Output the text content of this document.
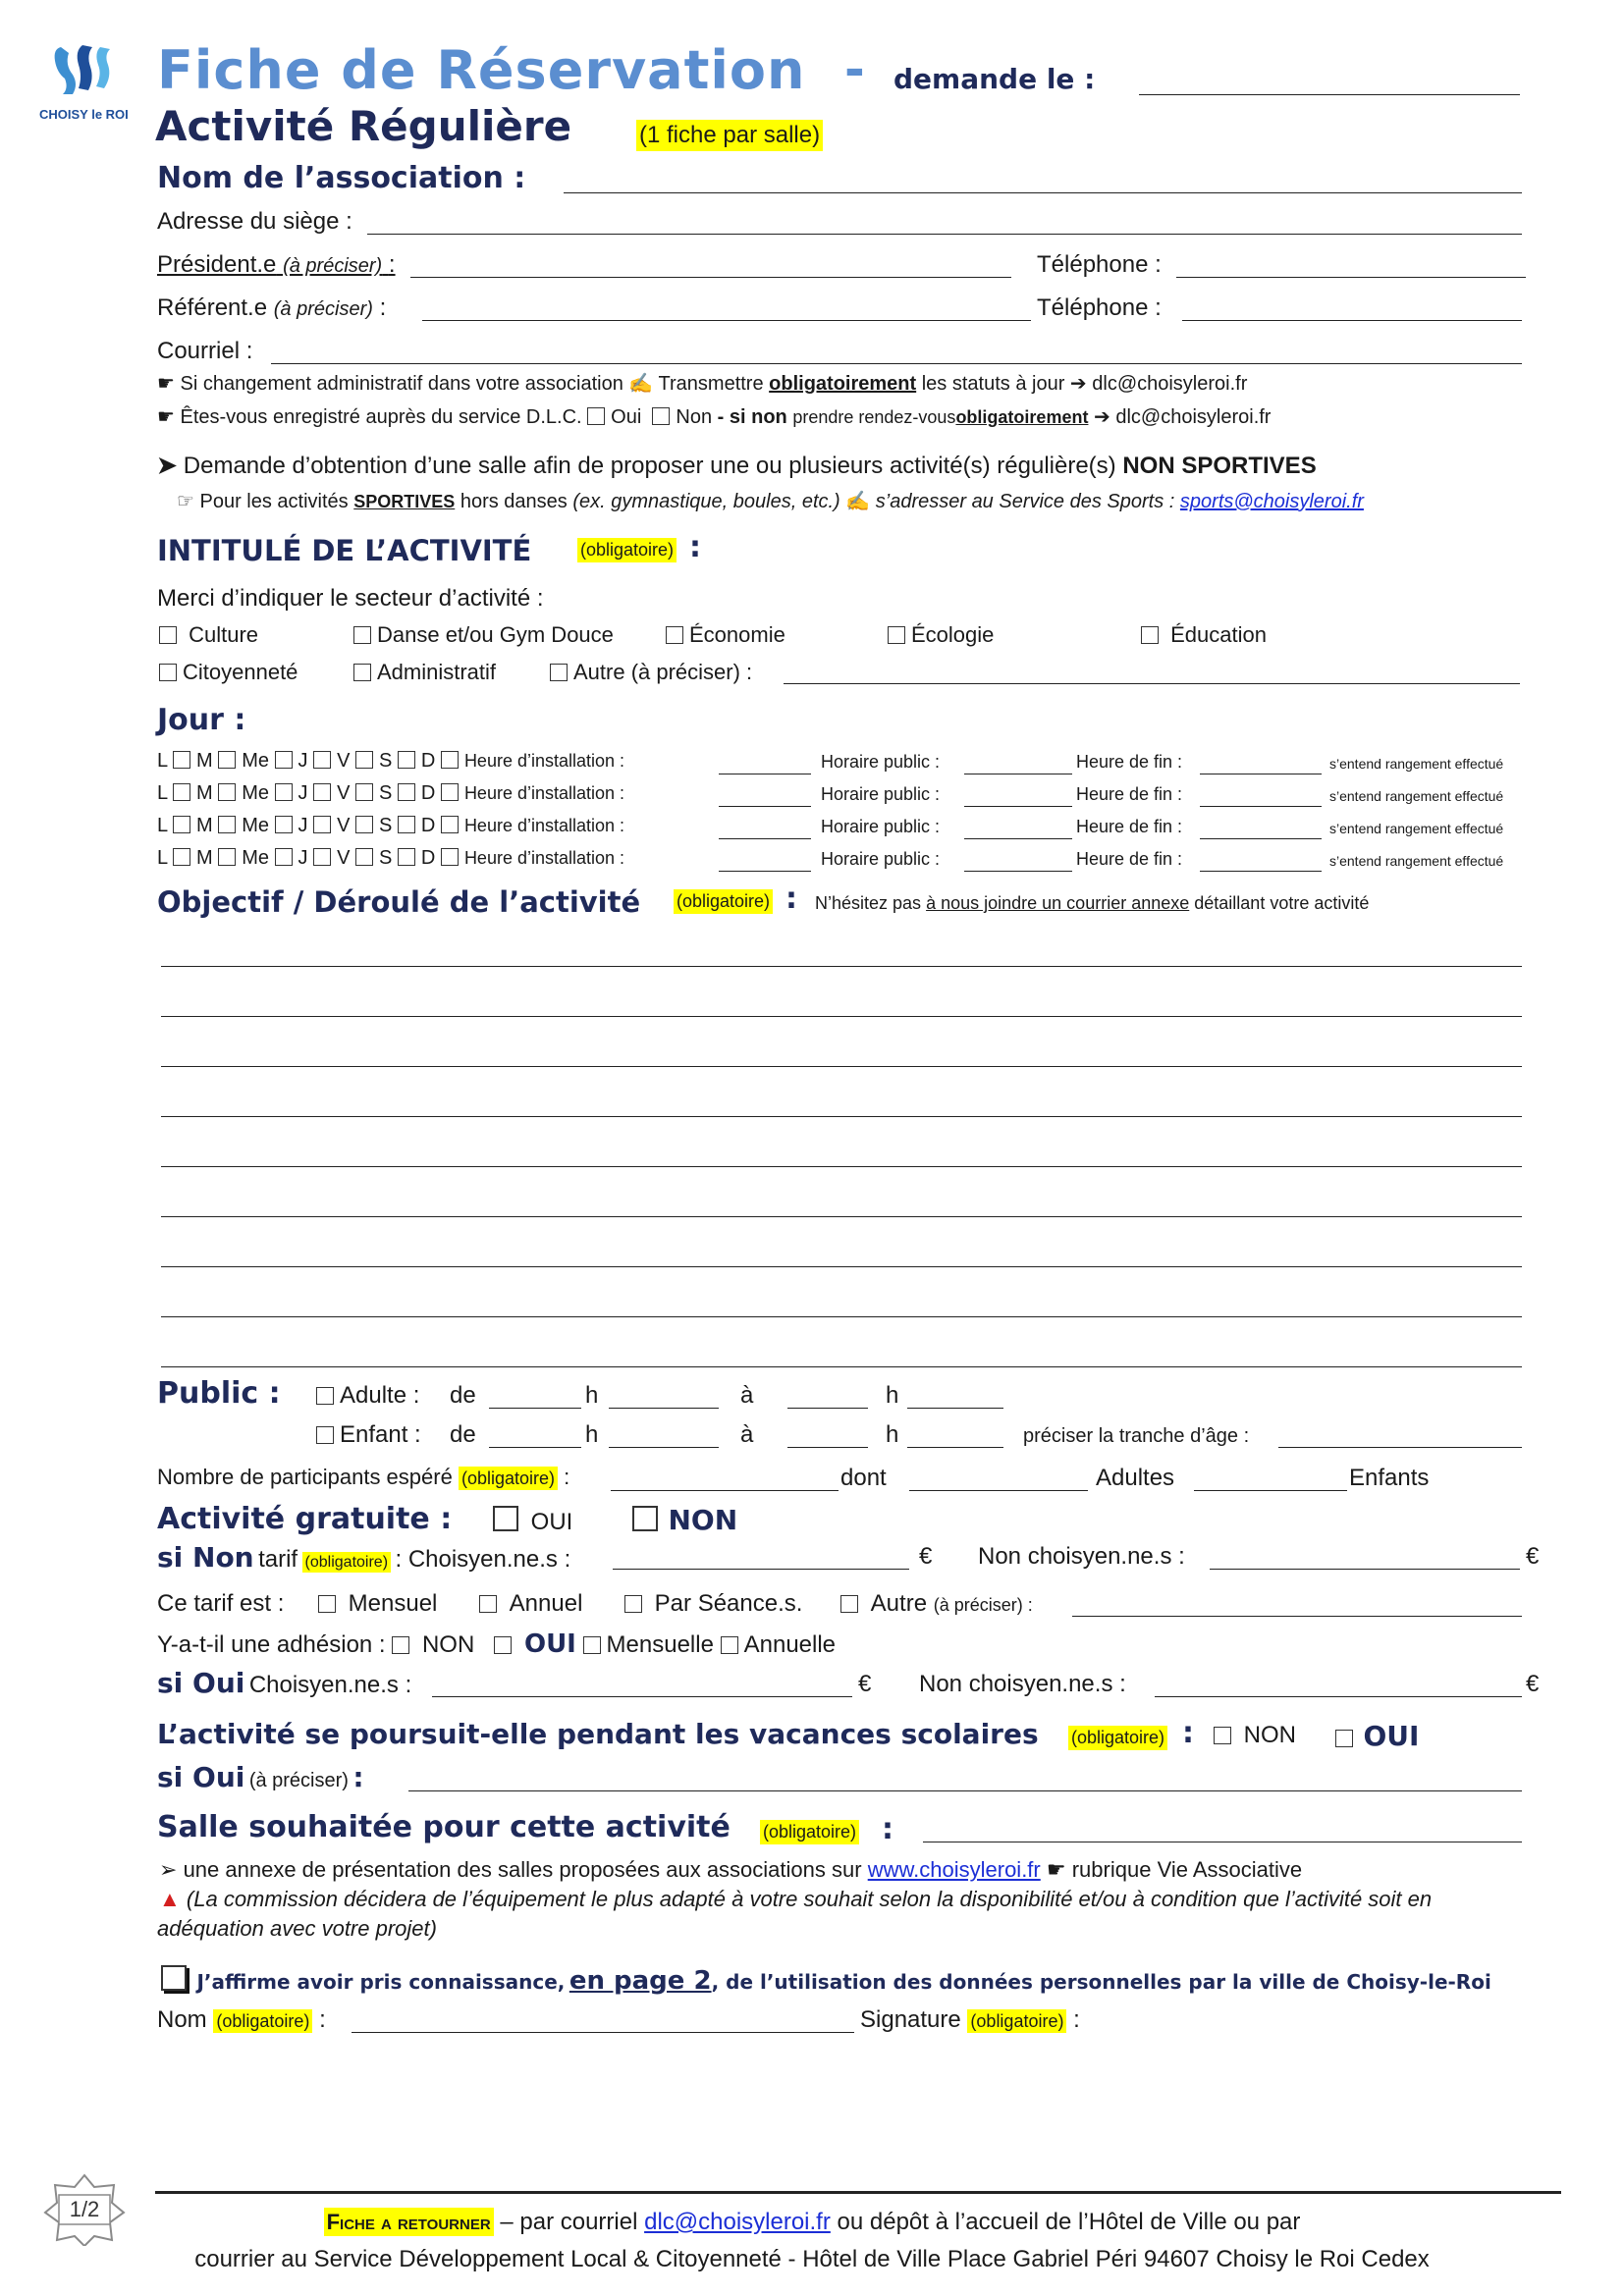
CHOISY le ROI
Fiche de Réservation - demande le :
Activité Régulière	(1 fiche par salle)
Nom de l’association :
Adresse du siège :
Président.e (à préciser) :	Téléphone :
Référent.e (à préciser) :	Téléphone :
Courriel :
☛ Si changement administratif dans votre association ✍ Transmettre obligatoirement les statuts à jour ➔ dlc@choisyleroi.fr
☛ Êtes-vous enregistré auprès du service D.L.C. Oui Non - si non prendre rendez-vousobligatoirement ➔ dlc@choisyleroi.fr
➤ Demande d’obtention d’une salle afin de proposer une ou plusieurs activité(s) régulière(s) NON SPORTIVES
☞ Pour les activités SPORTIVES hors danses (ex. gymnastique, boules, etc.) ✍ s’adresser au Service des Sports : sports@choisyleroi.fr
INTITULÉ DE L’ACTIVITÉ	(obligatoire) :
Merci d’indiquer le secteur d’activité :
Culture	Danse et/ou Gym Douce	Économie	Écologie	Éducation
Citoyenneté	Administratif	Autre (à préciser) :
Jour :
L M Me J V S D Heure d’installation :	Horaire public :	Heure de fin :	s’entend rangement effectué
L M Me J V S D Heure d’installation :	Horaire public :	Heure de fin :	s’entend rangement effectué
L M Me J V S D Heure d’installation :	Horaire public :	Heure de fin :	s’entend rangement effectué
L M Me J V S D Heure d’installation :	Horaire public :	Heure de fin :	s’entend rangement effectué
Objectif / Déroulé de l’activité (obligatoire) : N’hésitez pas à nous joindre un courrier annexe détaillant votre activité
Public :	Adulte : de	h	à	h
Enfant : de	h	à	h	préciser la tranche d’âge :
Nombre de participants espéré (obligatoire) :	dont	Adultes	Enfants
Activité gratuite :	OUI	NON
si Non tarif (obligatoire) : Choisyen.ne.s :	€ Non choisyen.ne.s :	€
Ce tarif est :	Mensuel	Annuel	Par Séance.s.	Autre (à préciser) :
Y-a-t-il une adhésion : NON OUI Mensuelle Annuelle
si Oui Choisyen.ne.s :	€ Non choisyen.ne.s :	€
L’activité se poursuit-elle pendant les vacances scolaires (obligatoire) :	NON	OUI
si Oui (à préciser) :
Salle souhaitée pour cette activité (obligatoire) :
➢ une annexe de présentation des salles proposées aux associations sur www.choisyleroi.fr ☛ rubrique Vie Associative
▲ (La commission décidera de l’équipement le plus adapté à votre souhait selon la disponibilité et/ou à condition que l’activité soit en
adéquation avec votre projet)
J’affirme avoir pris connaissance, en page 2, de l’utilisation des données personnelles par la ville de Choisy-le-Roi
Nom (obligatoire) :	Signature (obligatoire) :
1/2
Fiche a retourner – par courriel dlc@choisyleroi.fr ou dépôt à l’accueil de l’Hôtel de Ville ou par
courrier au Service Développement Local & Citoyenneté - Hôtel de Ville Place Gabriel Péri 94607 Choisy le Roi Cedex
